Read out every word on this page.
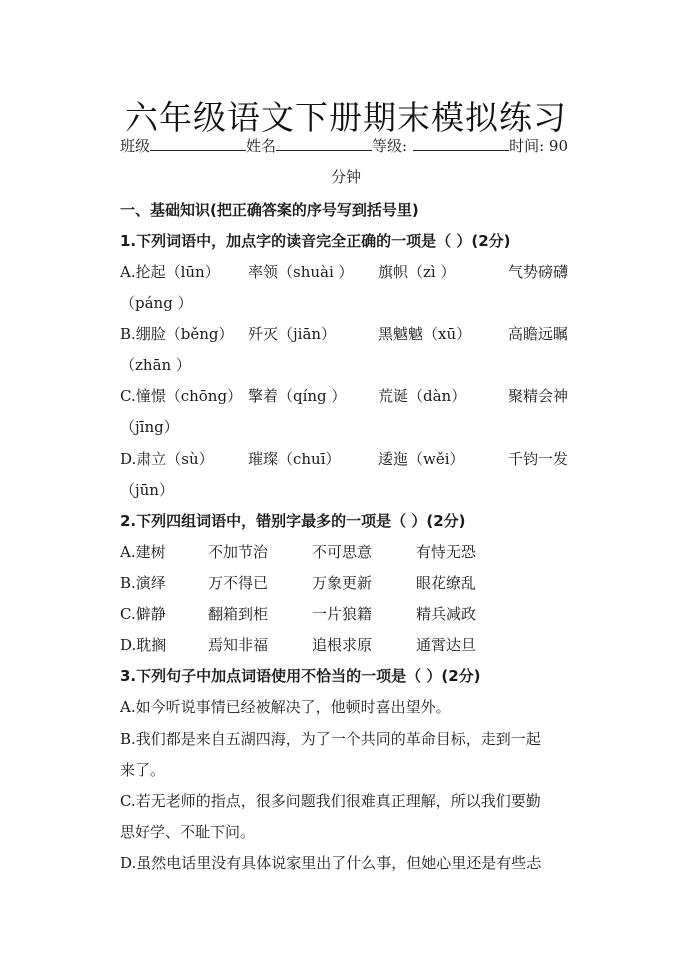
六年级语文下册期末模拟练习
班级	姓名	等级:	时间: 90
分钟
一、基础知识(把正确答案的序号写到括号里)
1.下列词语中，加点字的读音完全正确的一项是（ ）(2分)
A.抡起（lūn） 率领（shuài ） 旗帜（zì ）	气势磅礴
（páng ）
B.绷脸（běng） 歼灭（jiān）	黑魆魆（xū） 高瞻远瞩
（zhān ）
C.憧憬（chōng） 擎着（qíng ） 荒诞（dàn）	聚精会神
（jīng）
D.肃立（sù） 璀璨（chuī） 逶迤（wěi）	千钧一发
（jūn）
2.下列四组词语中，错别字最多的一项是（ ）(2分)
A.建树	不加节治	不可思意	有恃无恐
B.演绎	万不得已	万象更新	眼花缭乱
C.僻静	翻箱到柜	一片狼籍	精兵减政
D.耽搁	焉知非福	追根求原	通霄达旦
3.下列句子中加点词语使用不恰当的一项是（ ）(2分)
A.如今听说事情已经被解决了，他顿时喜出望外。
B.我们都是来自五湖四海，为了一个共同的革命目标，走到一起
来了。
C.若无老师的指点，很多问题我们很难真正理解，所以我们要勤
思好学、不耻下问。
D.虽然电话里没有具体说家里出了什么事，但她心里还是有些忐
